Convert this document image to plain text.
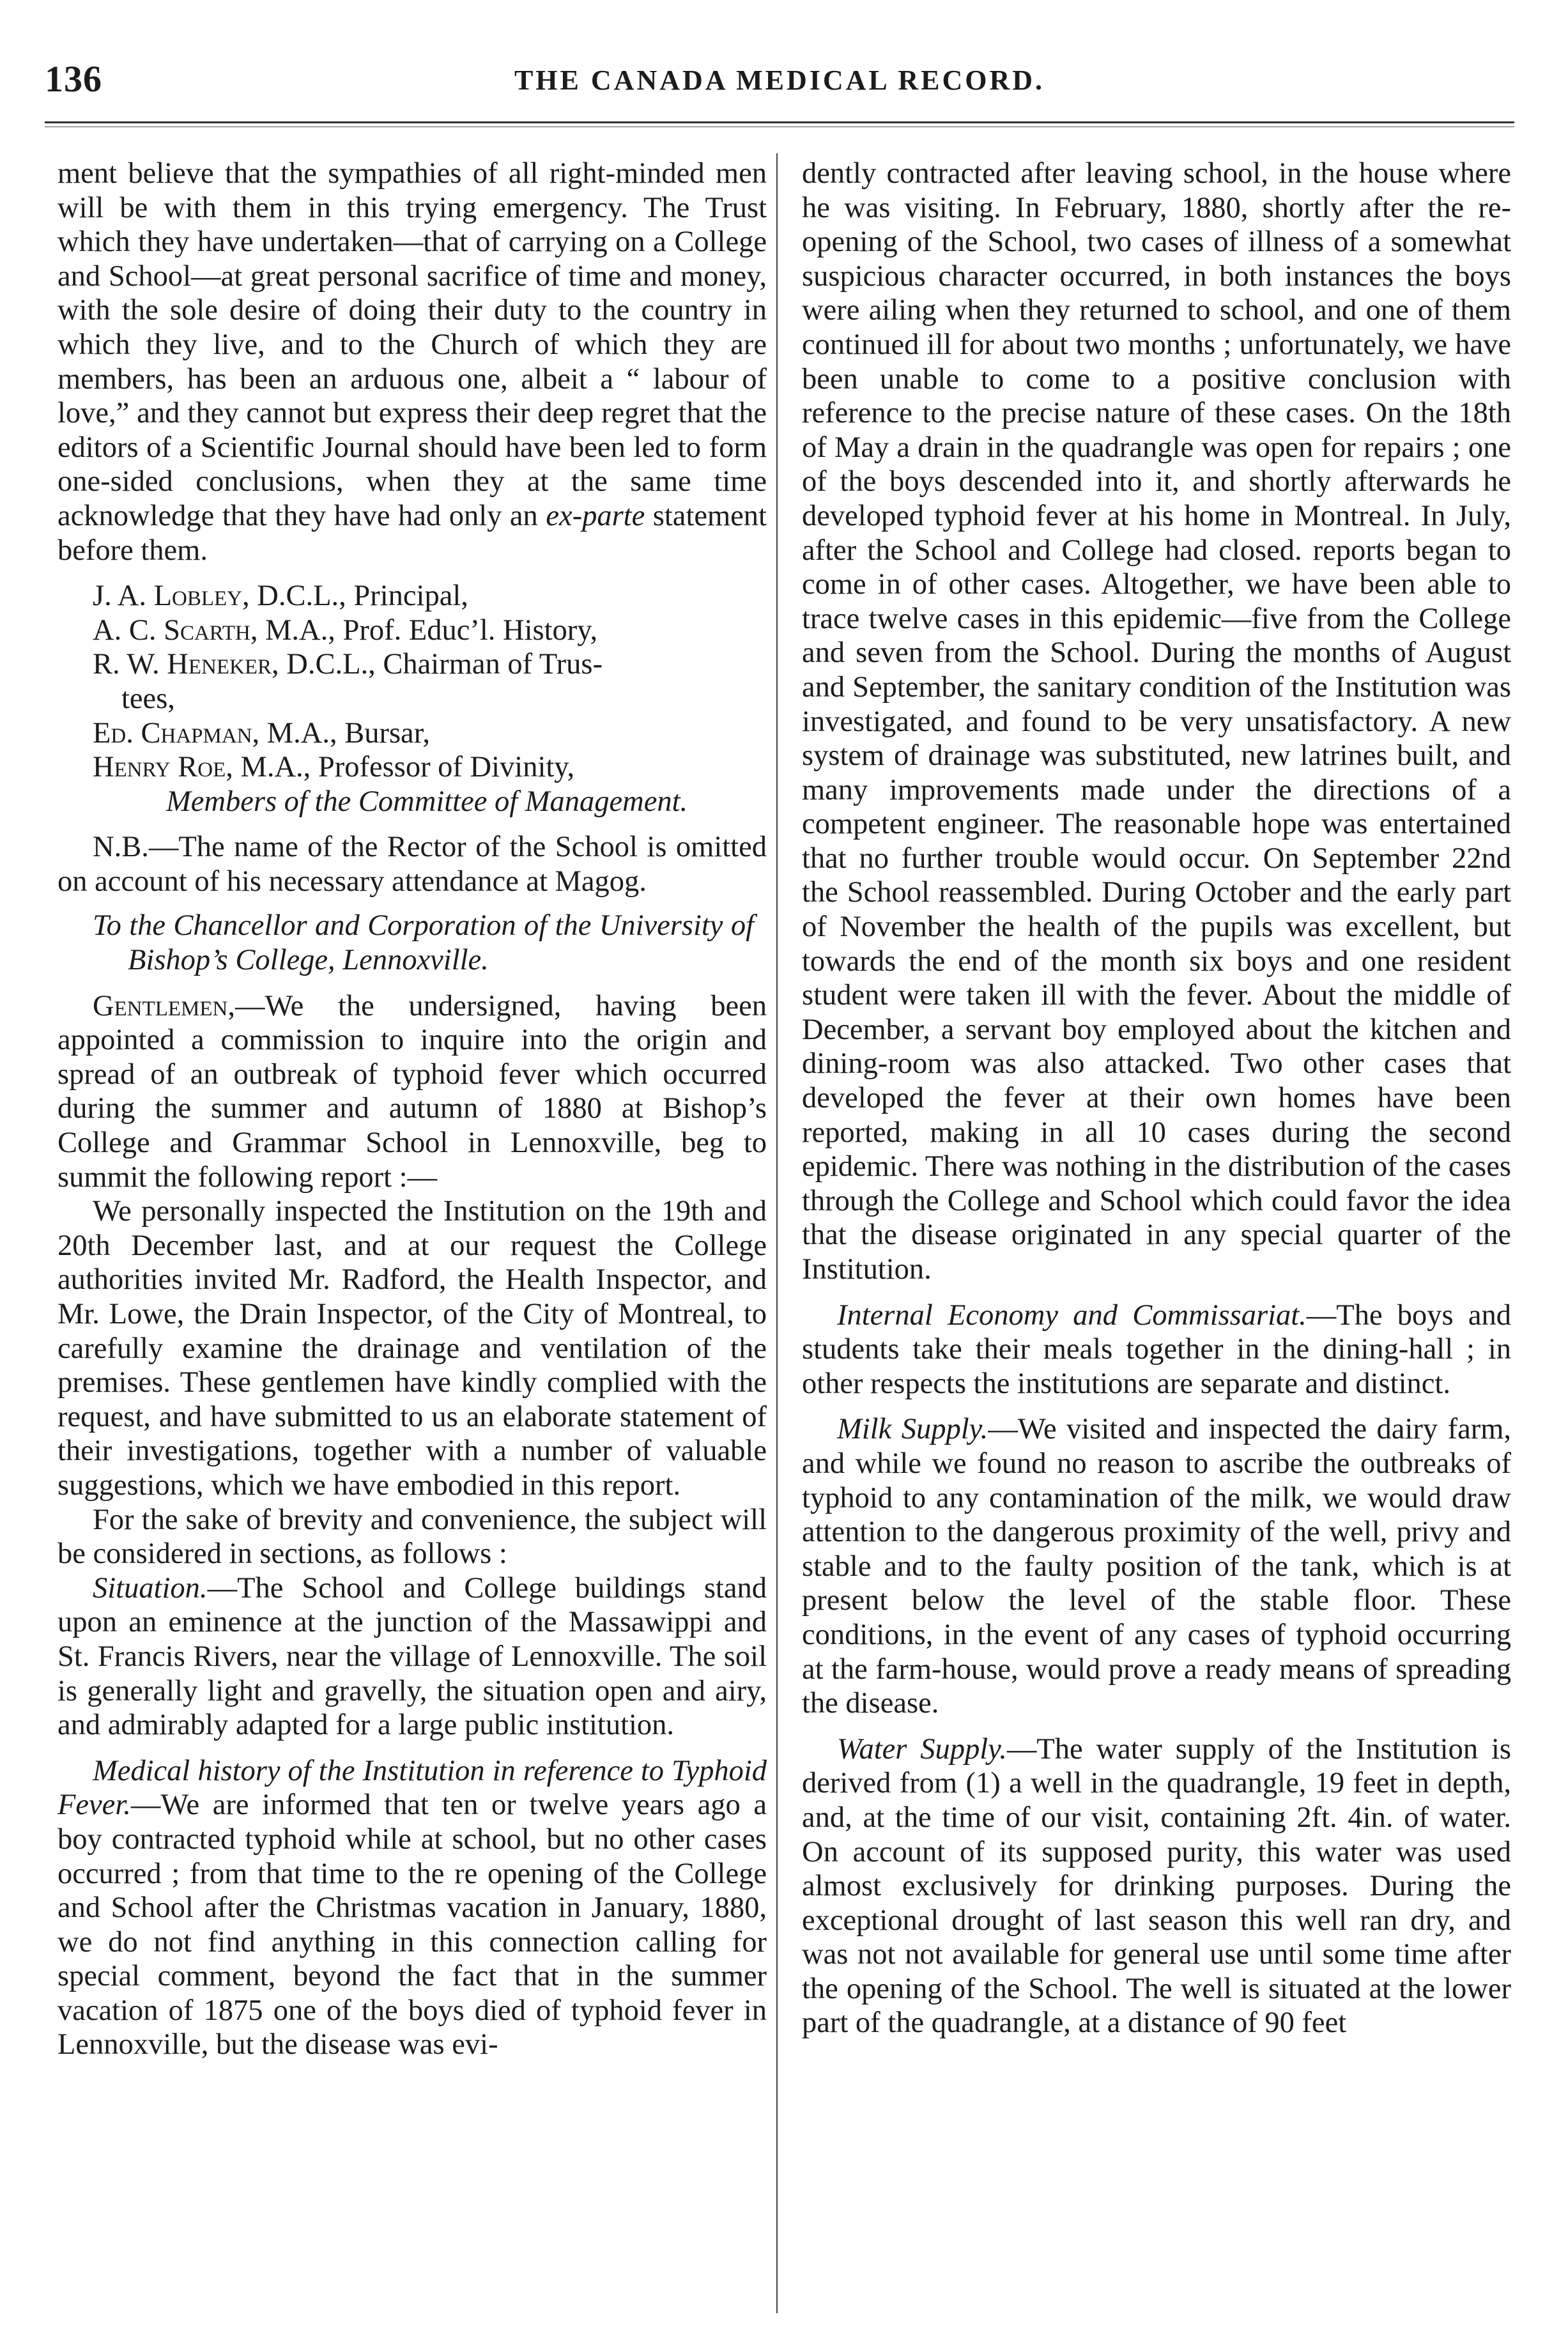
136	THE CANADA MEDICAL RECORD.

ment believe that the sympathies of all right-minded men will be with them in this trying emergency. The Trust which they have undertaken—that of carrying on a College and School—at great personal sacrifice of time and money, with the sole desire of doing their duty to the country in which they live, and to the Church of which they are members, has been an arduous one, albeit a “ labour of love,” and they cannot but express their deep regret that the editors of a Scientific Journal should have been led to form one-sided conclusions, when they at the same time acknowledge that they have had only an ex-parte statement before them.

J. A. Lobley, D.C.L., Principal,

A. C. Scarth, M.A., Prof. Educ’l. History,

R. W. Heneker, D.C.L., Chairman of Trus-

tees,

Ed. Chapman, M.A., Bursar,

Henry Roe, M.A., Professor of Divinity,

Members of the Committee of Management.

N.B.—The name of the Rector of the School is omitted on account of his necessary attendance at Magog.

To the Chancellor and Corporation of the University of Bishop’s College, Lennoxville.

Gentlemen,—We the undersigned, having been appointed a commission to inquire into the origin and spread of an outbreak of typhoid fever which occurred during the summer and autumn of 1880 at Bishop’s College and Grammar School in Lennoxville, beg to summit the following report :—

We personally inspected the Institution on the 19th and 20th December last, and at our request the College authorities invited Mr. Radford, the Health Inspector, and Mr. Lowe, the Drain Inspector, of the City of Montreal, to carefully examine the drainage and ventilation of the premises. These gentlemen have kindly complied with the request, and have submitted to us an elaborate statement of their investigations, together with a number of valuable suggestions, which we have embodied in this report.

For the sake of brevity and convenience, the subject will be considered in sections, as follows :

Situation.—The School and College buildings stand upon an eminence at the junction of the Massawippi and St. Francis Rivers, near the village of Lennoxville. The soil is generally light and gravelly, the situation open and airy, and admirably adapted for a large public institution.

Medical history of the Institution in reference to Typhoid Fever.—We are informed that ten or twelve years ago a boy contracted typhoid while at school, but no other cases occurred ; from that time to the re opening of the College and School after the Christmas vacation in January, 1880, we do not find anything in this connection calling for special comment, beyond the fact that in the summer vacation of 1875 one of the boys died of typhoid fever in Lennoxville, but the disease was evi-

dently contracted after leaving school, in the house where he was visiting. In February, 1880, shortly after the re-opening of the School, two cases of illness of a somewhat suspicious character occurred, in both instances the boys were ailing when they returned to school, and one of them continued ill for about two months ; unfortunately, we have been unable to come to a positive conclusion with reference to the precise nature of these cases. On the 18th of May a drain in the quadrangle was open for repairs ; one of the boys descended into it, and shortly afterwards he developed typhoid fever at his home in Montreal. In July, after the School and College had closed. reports began to come in of other cases. Altogether, we have been able to trace twelve cases in this epidemic—five from the College and seven from the School. During the months of August and September, the sanitary condition of the Institution was investigated, and found to be very unsatisfactory. A new system of drainage was substituted, new latrines built, and many improvements made under the directions of a competent engineer. The reasonable hope was entertained that no further trouble would occur. On September 22nd the School reassembled. During October and the early part of November the health of the pupils was excellent, but towards the end of the month six boys and one resident student were taken ill with the fever. About the middle of December, a servant boy employed about the kitchen and dining-room was also attacked. Two other cases that developed the fever at their own homes have been reported, making in all 10 cases during the second epidemic. There was nothing in the distribution of the cases through the College and School which could favor the idea that the disease originated in any special quarter of the Institution.

Internal Economy and Commissariat.—The boys and students take their meals together in the dining-hall ; in other respects the institutions are separate and distinct.

Milk Supply.—We visited and inspected the dairy farm, and while we found no reason to ascribe the outbreaks of typhoid to any contamination of the milk, we would draw attention to the dangerous proximity of the well, privy and stable and to the faulty position of the tank, which is at present below the level of the stable floor. These conditions, in the event of any cases of typhoid occurring at the farm-house, would prove a ready means of spreading the disease.

Water Supply.—The water supply of the Institution is derived from (1) a well in the quadrangle, 19 feet in depth, and, at the time of our visit, containing 2ft. 4in. of water. On account of its supposed purity, this water was used almost exclusively for drinking purposes. During the exceptional drought of last season this well ran dry, and was not not available for general use until some time after the opening of the School. The well is situated at the lower part of the quadrangle, at a distance of 90 feet
